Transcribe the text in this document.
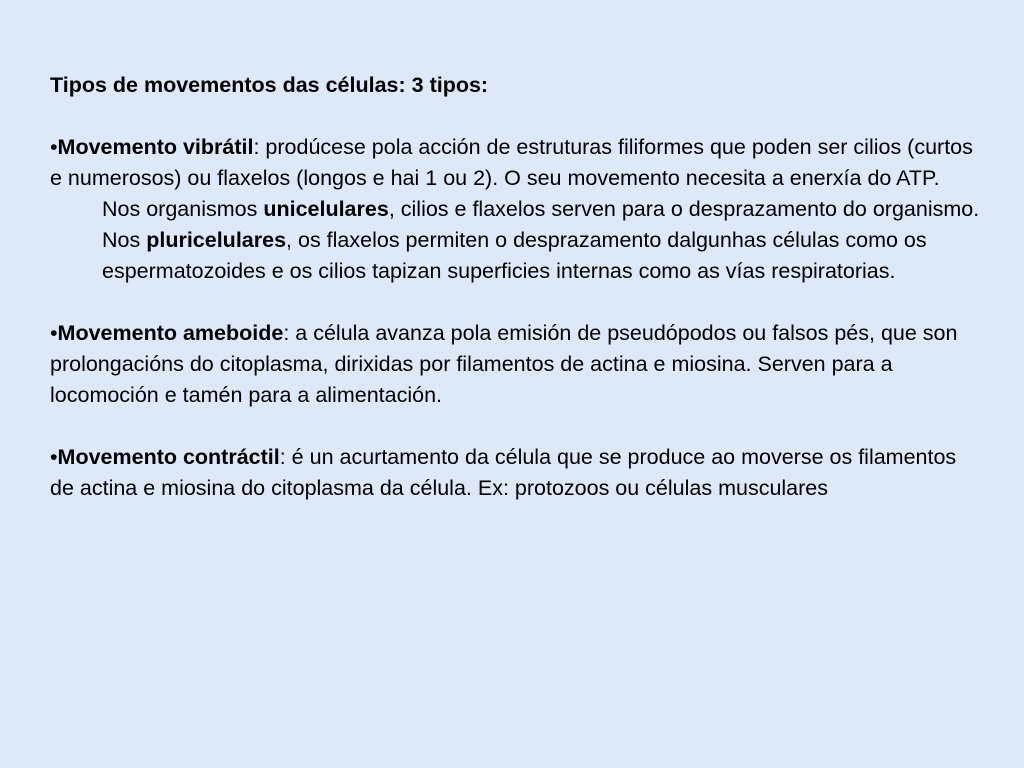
Tipos de movementos das células: 3 tipos:

•Movemento vibrátil: prodúcese pola acción de estruturas filiformes que poden ser cilios (curtos e numerosos) ou flaxelos (longos e hai 1 ou 2). O seu movemento necesita a enerxía do ATP.

Nos organismos unicelulares, cilios e flaxelos serven para o desprazamento do organismo.

Nos pluricelulares, os flaxelos permiten o desprazamento dalgunhas células como os espermatozoides e os cilios tapizan superficies internas como as vías respiratorias.

•Movemento ameboide: a célula avanza pola emisión de pseudópodos ou falsos pés, que son prolongacións do citoplasma, dirixidas por filamentos de actina e miosina. Serven para a locomoción e tamén para a alimentación.

•Movemento contráctil: é un acurtamento da célula que se produce ao moverse os filamentos de actina e miosina do citoplasma da célula. Ex: protozoos ou células musculares
